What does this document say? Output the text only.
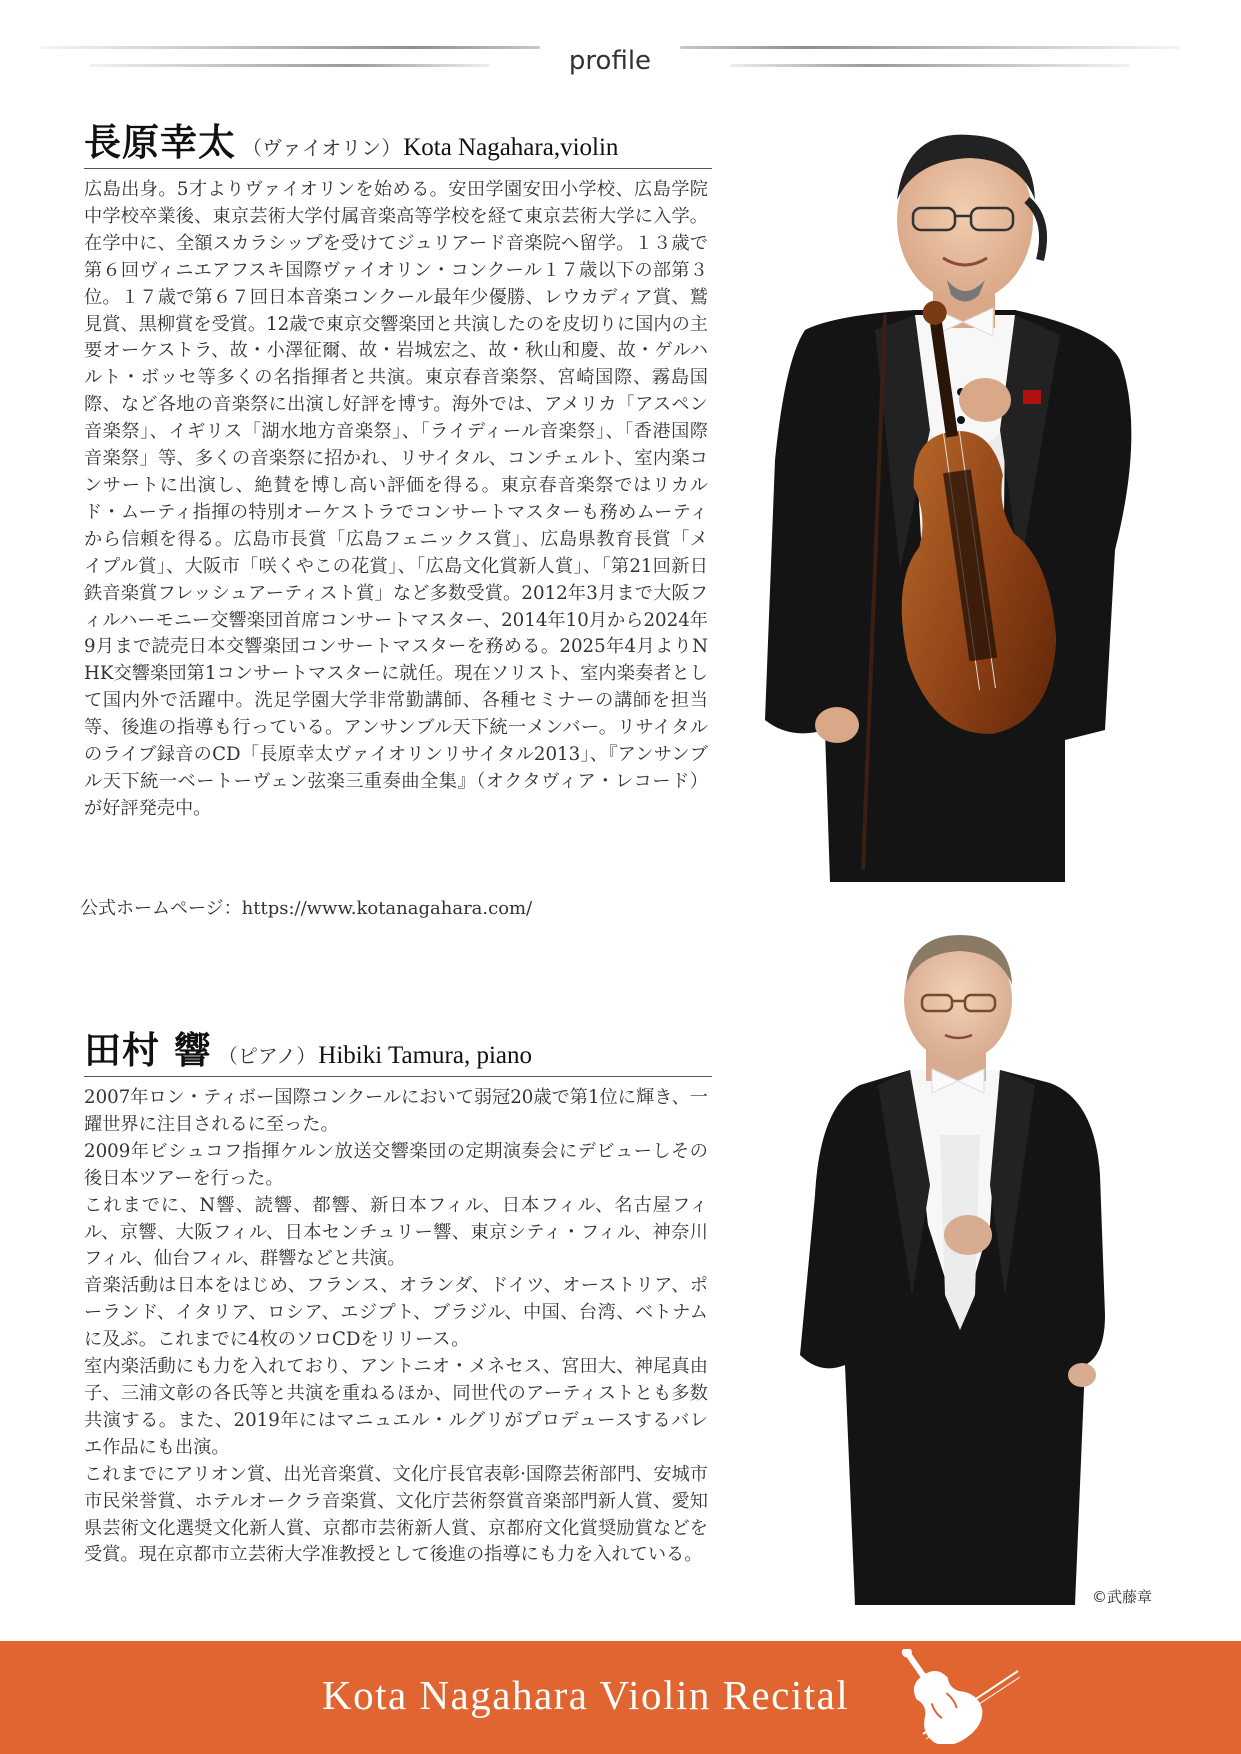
profile
長原幸太 （ヴァイオリン）Kota Nagahara,violin

広島出身。5才よりヴァイオリンを始める。安田学園安田小学校、広島学院中学校卒業後、東京芸術大学付属音楽高等学校を経て東京芸術大学に入学。在学中に、全額スカラシップを受けてジュリアード音楽院へ留学。１３歳で第６回ヴィニエアフスキ国際ヴァイオリン・コンクール１７歳以下の部第３位。１７歳で第６７回日本音楽コンクール最年少優勝、レウカディア賞、鷲見賞、黒柳賞を受賞。12歳で東京交響楽団と共演したのを皮切りに国内の主要オーケストラ、故・小澤征爾、故・岩城宏之、故・秋山和慶、故・ゲルハルト・ボッセ等多くの名指揮者と共演。東京春音楽祭、宮崎国際、霧島国際、など各地の音楽祭に出演し好評を博す。海外では、アメリカ「アスペン音楽祭」、イギリス「湖水地方音楽祭」、「ライディール音楽祭」、「香港国際音楽祭」等、多くの音楽祭に招かれ、リサイタル、コンチェルト、室内楽コンサートに出演し、絶賛を博し高い評価を得る。東京春音楽祭ではリカルド・ムーティ指揮の特別オーケストラでコンサートマスターも務めムーティから信頼を得る。広島市長賞「広島フェニックス賞」、広島県教育長賞「メイプル賞」、大阪市「咲くやこの花賞」、「広島文化賞新人賞」、「第21回新日鉄音楽賞フレッシュアーティスト賞」など多数受賞。2012年3月まで大阪フィルハーモニー交響楽団首席コンサートマスター、2014年10月から2024年9月まで読売日本交響楽団コンサートマスターを務める。2025年4月よりNHK交響楽団第1コンサートマスターに就任。現在ソリスト、室内楽奏者として国内外で活躍中。洗足学園大学非常勤講師、各種セミナーの講師を担当等、後進の指導も行っている。アンサンブル天下統一メンバー。リサイタルのライブ録音のCD「長原幸太ヴァイオリンリサイタル2013」、『アンサンブル天下統一ベートーヴェン弦楽三重奏曲全集』（オクタヴィア・レコード）が好評発売中。

公式ホームページ：https://www.kotanagahara.com/
田村 響 （ピアノ）Hibiki Tamura, piano

2007年ロン・ティボー国際コンクールにおいて弱冠20歳で第1位に輝き、一躍世界に注目されるに至った。

2009年ビシュコフ指揮ケルン放送交響楽団の定期演奏会にデビューしその後日本ツアーを行った。

これまでに、N響、読響、都響、新日本フィル、日本フィル、名古屋フィル、京響、大阪フィル、日本センチュリー響、東京シティ・フィル、神奈川フィル、仙台フィル、群響などと共演。

音楽活動は日本をはじめ、フランス、オランダ、ドイツ、オーストリア、ポーランド、イタリア、ロシア、エジプト、ブラジル、中国、台湾、ベトナムに及ぶ。これまでに4枚のソロCDをリリース。

室内楽活動にも力を入れており、アントニオ・メネセス、宮田大、神尾真由子、三浦文彰の各氏等と共演を重ねるほか、同世代のアーティストとも多数共演する。また、2019年にはマニュエル・ルグリがプロデュースするバレエ作品にも出演。

これまでにアリオン賞、出光音楽賞、文化庁長官表彰·国際芸術部門、安城市市民栄誉賞、ホテルオークラ音楽賞、文化庁芸術祭賞音楽部門新人賞、愛知県芸術文化選奨文化新人賞、京都市芸術新人賞、京都府文化賞奨励賞などを受賞。現在京都市立芸術大学准教授として後進の指導にも力を入れている。

©武藤章
Kota Nagahara Violin Recital
